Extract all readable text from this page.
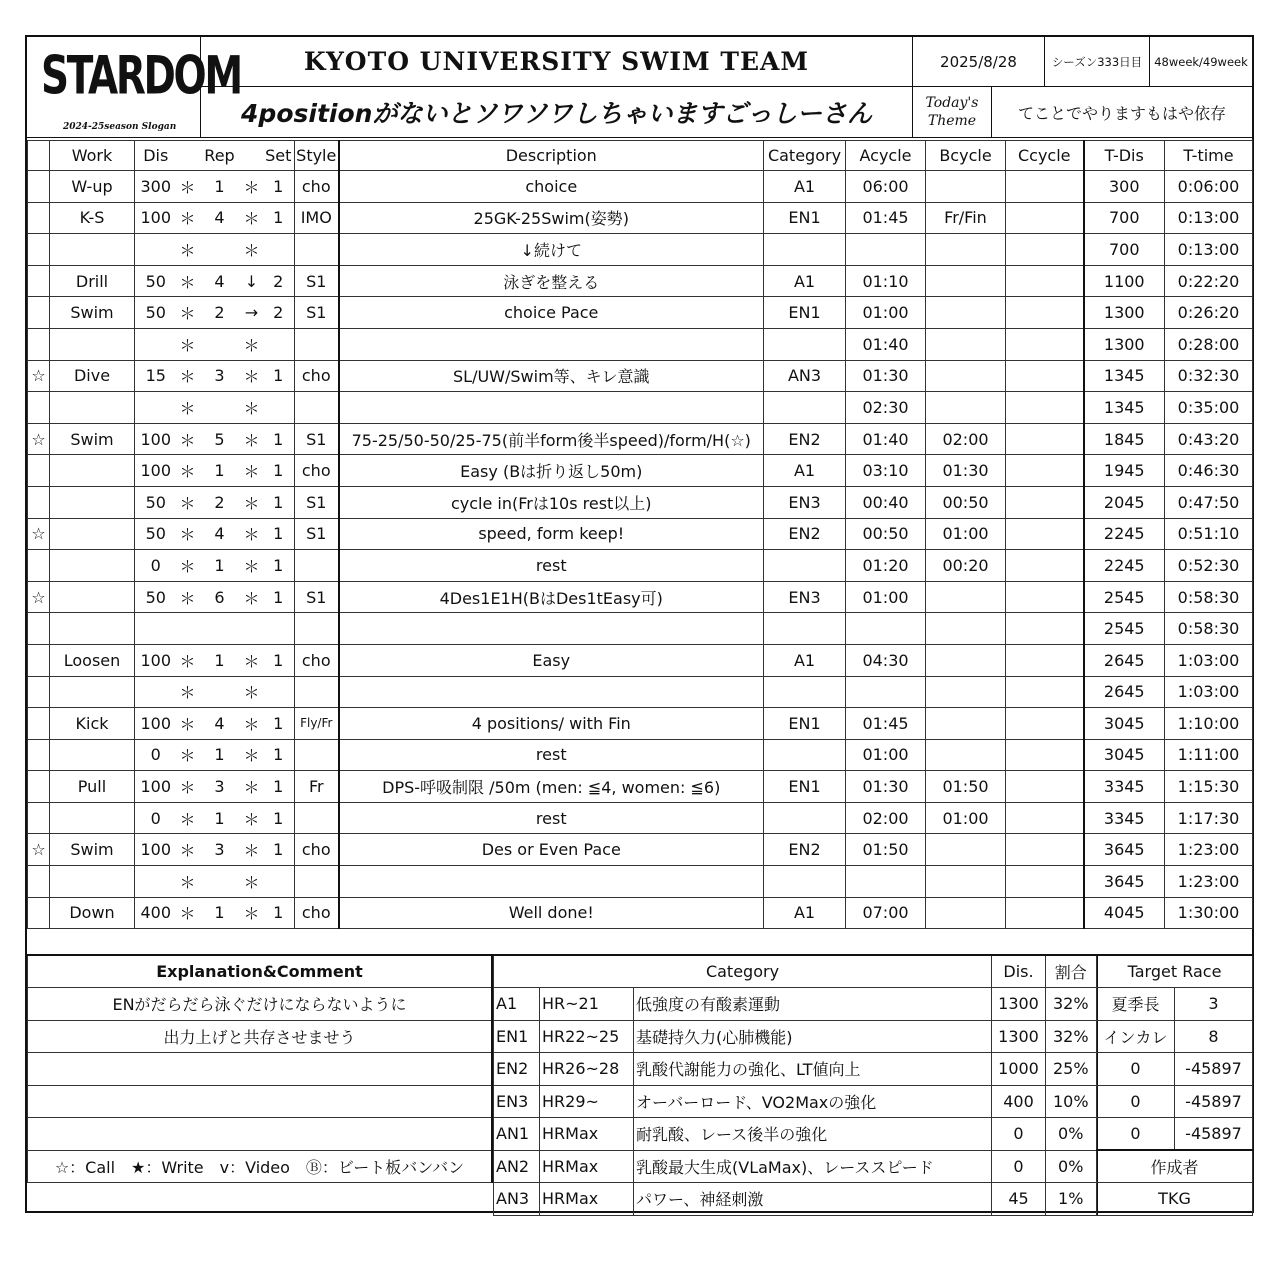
STARDOM
2024-25season Slogan
KYOTO UNIVERSITY SWIM TEAM	2025/8/28	シーズン333日目 48week/49week
4positionがないとソワソワしちゃいますごっしーさん	Today's Theme	てことでやりますもはや依存
	Work	Dis		Rep		Set	Style	Description	Category	Acycle	Bcycle	Ccycle	T-Dis	T-time
	W-up	300	＊	1	＊	1	cho	choice	A1	06:00			300	0:06:00
	K-S	100	＊	4	＊	1	IMO	25GK-25Swim(姿勢)	EN1	01:45	Fr/Fin		700	0:13:00
			＊		＊			↓続けて					700	0:13:00
	Drill	50	＊	4	↓	2	S1	泳ぎを整える	A1	01:10			1100	0:22:20
	Swim	50	＊	2	→	2	S1	choice Pace	EN1	01:00			1300	0:26:20
			＊		＊					01:40			1300	0:28:00
☆	Dive	15	＊	3	＊	1	cho	SL/UW/Swim等、キレ意識	AN3	01:30			1345	0:32:30
			＊		＊					02:30			1345	0:35:00
☆	Swim	100	＊	5	＊	1	S1	75-25/50-50/25-75(前半form後半speed)/form/H(☆)	EN2	01:40	02:00		1845	0:43:20
		100	＊	1	＊	1	cho	Easy (Bは折り返し50m)	A1	03:10	01:30		1945	0:46:30
		50	＊	2	＊	1	S1	cycle in(Frは10s rest以上)	EN3	00:40	00:50		2045	0:47:50
☆		50	＊	4	＊	1	S1	speed, form keep!	EN2	00:50	01:00		2245	0:51:10
		0	＊	1	＊	1		rest		01:20	00:20		2245	0:52:30
☆		50	＊	6	＊	1	S1	4Des1E1H(BはDes1tEasy可)	EN3	01:00			2545	0:58:30
													2545	0:58:30
	Loosen	100	＊	1	＊	1	cho	Easy	A1	04:30			2645	1:03:00
			＊		＊								2645	1:03:00
	Kick	100	＊	4	＊	1	Fly/Fr	4 positions/ with Fin	EN1	01:45			3045	1:10:00
		0	＊	1	＊	1		rest		01:00			3045	1:11:00
	Pull	100	＊	3	＊	1	Fr	DPS-呼吸制限 /50m (men: ≦4, women: ≦6)	EN1	01:30	01:50		3345	1:15:30
		0	＊	1	＊	1		rest		02:00	01:00		3345	1:17:30
☆	Swim	100	＊	3	＊	1	cho	Des or Even Pace	EN2	01:50			3645	1:23:00
			＊		＊								3645	1:23:00
	Down	400	＊	1	＊	1	cho	Well done!	A1	07:00			4045	1:30:00
Explanation&Comment
ENがだらだら泳ぐだけにならないように
出力上げと共存させませう

☆：Call　★：Write　v：Video　Ⓑ：ビート板バンバン
Category			Dis.	割合
A1	HR~21	低強度の有酸素運動	1300	32%
EN1	HR22~25	基礎持久力(心肺機能)	1300	32%
EN2	HR26~28	乳酸代謝能力の強化、LT値向上	1000	25%
EN3	HR29~	オーバーロード、VO2Maxの強化	400	10%
AN1	HRMax	耐乳酸、レース後半の強化	0	0%
AN2	HRMax	乳酸最大生成(VLaMax)、レーススピード	0	0%
AN3	HRMax	パワー、神経刺激	45	1%
Target Race	
夏季長	3
インカレ	8
0	-45897
0	-45897
0	-45897
作成者	
TKG	
